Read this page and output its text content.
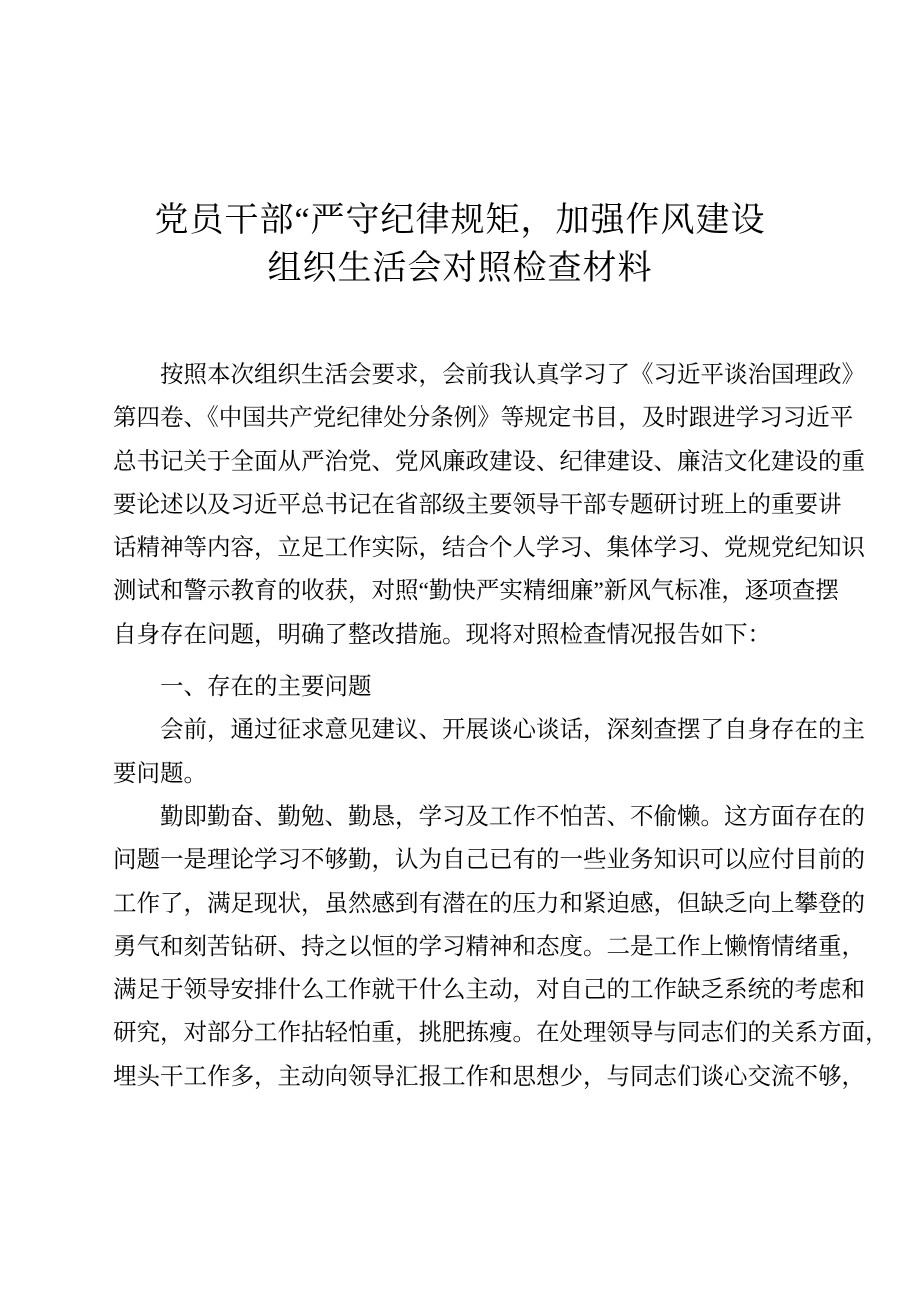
党员干部“严守纪律规矩，加强作风建设
组织生活会对照检查材料
按照本次组织生活会要求，会前我认真学习了《习近平谈治国理政》
第四卷、《中国共产党纪律处分条例》等规定书目，及时跟进学习习近平
总书记关于全面从严治党、党风廉政建设、纪律建设、廉洁文化建设的重
要论述以及习近平总书记在省部级主要领导干部专题研讨班上的重要讲
话精神等内容，立足工作实际，结合个人学习、集体学习、党规党纪知识
测试和警示教育的收获，对照“勤快严实精细廉”新风气标准，逐项查摆
自身存在问题，明确了整改措施。现将对照检查情况报告如下：
一、存在的主要问题
会前，通过征求意见建议、开展谈心谈话，深刻查摆了自身存在的主
要问题。
勤即勤奋、勤勉、勤恳，学习及工作不怕苦、不偷懒。这方面存在的
问题一是理论学习不够勤，认为自己已有的一些业务知识可以应付目前的
工作了，满足现状，虽然感到有潜在的压力和紧迫感，但缺乏向上攀登的
勇气和刻苦钻研、持之以恒的学习精神和态度。二是工作上懒惰情绪重，
满足于领导安排什么工作就干什么主动，对自己的工作缺乏系统的考虑和
研究，对部分工作拈轻怕重，挑肥拣瘦。在处理领导与同志们的关系方面，
埋头干工作多，主动向领导汇报工作和思想少，与同志们谈心交流不够，
